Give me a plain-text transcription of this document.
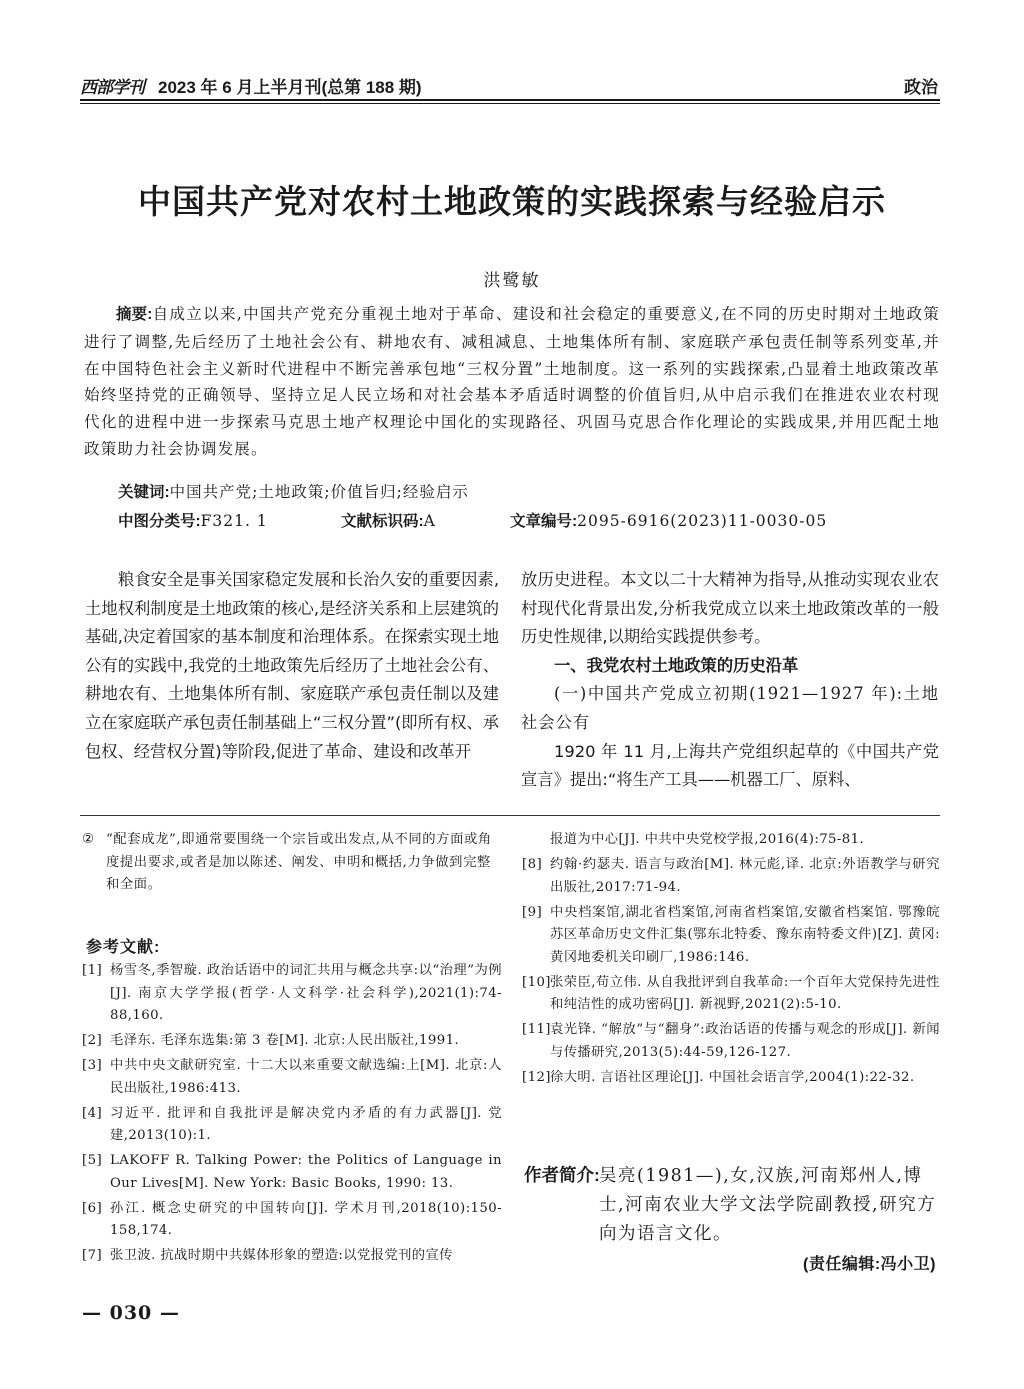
西部学刊 2023 年 6 月上半月刊(总第 188 期)	政治
中国共产党对农村土地政策的实践探索与经验启示
洪鹭敏
摘要:自成立以来,中国共产党充分重视土地对于革命、建设和社会稳定的重要意义,在不同的历史时期对土地政策进行了调整,先后经历了土地社会公有、耕地农有、减租减息、土地集体所有制、家庭联产承包责任制等系列变革,并在中国特色社会主义新时代进程中不断完善承包地“三权分置”土地制度。这一系列的实践探索,凸显着土地政策改革始终坚持党的正确领导、坚持立足人民立场和对社会基本矛盾适时调整的价值旨归,从中启示我们在推进农业农村现代化的进程中进一步探索马克思土地产权理论中国化的实现路径、巩固马克思合作化理论的实践成果,并用匹配土地政策助力社会协调发展。
关键词:中国共产党;土地政策;价值旨归;经验启示
中图分类号:F321. 1	文献标识码:A	文章编号:2095-6916(2023)11-0030-05

粮食安全是事关国家稳定发展和长治久安的重要因素,土地权利制度是土地政策的核心,是经济关系和上层建筑的基础,决定着国家的基本制度和治理体系。在探索实现土地公有的实践中,我党的土地政策先后经历了土地社会公有、耕地农有、土地集体所有制、家庭联产承包责任制以及建立在家庭联产承包责任制基础上“三权分置”(即所有权、承包权、经营权分置)等阶段,促进了革命、建设和改革开

放历史进程。本文以二十大精神为指导,从推动实现农业农村现代化背景出发,分析我党成立以来土地政策改革的一般历史性规律,以期给实践提供参考。

一、我党农村土地政策的历史沿革

(一)中国共产党成立初期(1921—1927 年):土地社会公有

1920 年 11 月,上海共产党组织起草的《中国共产党宣言》提出:“将生产工具——机器工厂、原料、

② “配套成龙”,即通常要围绕一个宗旨或出发点,从不同的方面或角度提出要求,或者是加以陈述、阐发、申明和概括,力争做到完整和全面。
参考文献:
[1] 杨雪冬,季智璇. 政治话语中的词汇共用与概念共享:以“治理”为例[J]. 南京大学学报(哲学·人文科学·社会科学),2021(1):74-88,160.
[2] 毛泽东. 毛泽东选集:第 3 卷[M]. 北京:人民出版社,1991.
[3] 中共中央文献研究室. 十二大以来重要文献选编:上[M]. 北京:人民出版社,1986:413.
[4] 习近平. 批评和自我批评是解决党内矛盾的有力武器[J]. 党建,2013(10):1.
[5] LAKOFF R. Talking Power: the Politics of Language in Our Lives[M]. New York: Basic Books, 1990: 13.
[6] 孙江. 概念史研究的中国转向[J]. 学术月刊,2018(10):150-158,174.
[7] 张卫波. 抗战时期中共媒体形象的塑造:以党报党刊的宣传
报道为中心[J]. 中共中央党校学报,2016(4):75-81.
[8] 约翰·约瑟夫. 语言与政治[M]. 林元彪,译. 北京:外语教学与研究出版社,2017:71-94.
[9] 中央档案馆,湖北省档案馆,河南省档案馆,安徽省档案馆. 鄂豫皖苏区革命历史文件汇集(鄂东北特委、豫东南特委文件)[Z]. 黄冈:黄冈地委机关印刷厂,1986:146.
[10] 张荣臣,苟立伟. 从自我批评到自我革命:一个百年大党保持先进性和纯洁性的成功密码[J]. 新视野,2021(2):5-10.
[11] 袁光锋. “解放”与“翻身”:政治话语的传播与观念的形成[J]. 新闻与传播研究,2013(5):44-59,126-127.
[12] 徐大明. 言语社区理论[J]. 中国社会语言学,2004(1):22-32.
作者简介: 吴亮(1981—),女,汉族,河南郑州人,博士,河南农业大学文法学院副教授,研究方向为语言文化。
(责任编辑:冯小卫)
— 030 —
